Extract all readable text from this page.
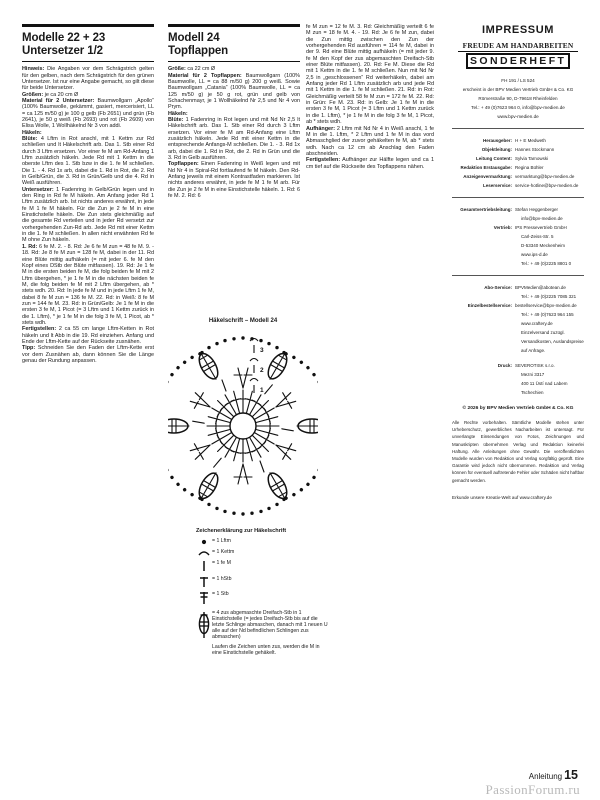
Modelle 22 + 23
Untersetzer 1/2

Hinweis: Die Angaben vor dem Schrägstrich gelten für den gelben, nach dem Schrägstrich für den grünen Untersetzer. Ist nur eine Angabe gemacht, so gilt diese für beide Untersetzer.

Größen: je ca 20 cm Ø

Material für 2 Untersetzer: Baumwollgarn „Apollo“ (100% Baumwolle, gekämmt, gasiert, mercerisiert, LL = ca 125 m/50 g) je 100 g gelb (Fb 2651) und grün (Fb 2641), je 50 g weiß (Fb 2693) und rot (Fb 2609) von Elisa Wolle, 1 Wollhäkelnd Nr 3 von addi.

Häkeln:

Blüte: 4 Lftm in Rot anschl, mit 1 Kettm zur Rd schließen und lt Häkelschrift arb. Das 1. Stb einer Rd durch 3 Lftm ersetzen. Vor einer fe M am Rd-Anfang 1 Lftm zusätzlich häkeln. Jede Rd mit 1 Kettm in die oberste Lftm des 1. Stb bzw in die 1. fe M schließen. Die 1. - 4. Rd 1x arb, dabei die 1. Rd in Rot, die 2. Rd in Gelb/Grün, die 3. Rd in Grün/Gelb und die 4. Rd in Weiß ausführen.

Untersetzer: 1 Fadenring in Gelb/Grün legen und in den Ring in Rd fe M häkeln. Am Anfang jeder Rd 1 Lftm zusätzlich arb. Ist nichts anderes erwähnt, in jede fe M 1 fe M häkeln. Für die Zun je 2 fe M in eine Einstichstelle häkeln. Die Zun stets gleichmäßig auf die gesamte Rd verteilen und in jeder Rd versetzt zur vorhergehenden Zun-Rd arb. Jede Rd mit einer Kettm in die 1. fe M schließen. In allen nicht erwähnten Rd fe M ohne Zun häkeln.

1. Rd: 6 fe M. 2. - 8. Rd: Je 6 fe M zun = 48 fe M. 9. - 18. Rd: Je 8 fe M zun = 128 fe M, dabei in der 11. Rd eine Blüte mittig aufhäkeln (= mit jeder 6. fe M den Kopf eines DStb der Blüte mitfassen). 19. Rd: Je 1 fe M in die ersten beiden fe M, die folg beiden fe M mit 2 Lftm übergehen, * je 1 fe M in die nächsten beiden fe M, die folg beiden fe M mit 2 Lftm übergehen, ab * stets wdh. 20. Rd: In jede fe M und in jede Lftm 1 fe M, dabei 8 fe M zun = 136 fe M. 22. Rd: in Weiß: 8 fe M zun = 144 fe M. 23. Rd: in Grün/Gelb: Je 1 fe M in die ersten 3 fe M, 1 Picot (= 3 Lftm und 1 Kettm zurück in die 1. Lftm), * je 1 fe M in die folg 3 fe M, 1 Picot, ab * stets wdh.

Fertigstellen: 2 ca 55 cm lange Lftm-Ketten in Rot häkeln und lt Abb in die 19. Rd einziehen. Anfang und Ende der Lftm-Kette auf der Rückseite zusnähen.

Tipp: Schneiden Sie den Faden der Lftm-Kette erst vor dem Zusnähen ab, dann können Sie die Länge genau der Rundung anpassen.

Modell 24
Topflappen

Größe: ca 22 cm Ø

Material für 2 Topflappen: Baumwollgarn (100% Baumwolle, LL = ca 88 m/50 g) 200 g weiß. Sowie Baumwollgarn „Catania“ (100% Baumwolle, LL = ca 125 m/50 g) je 50 g rot, grün und gelb von Schachenmayr, je 1 Wollhäkelnd Nr 2,5 und Nr 4 von Prym.

Häkeln:

Blüte: 1 Fadenring in Rot legen und mit Nd Nr 2,5 lt Häkelschrift arb. Das 1. Stb einer Rd durch 3 Lftm ersetzen. Vor einer fe M am Rd-Anfang eine Lftm zusätzlich häkeln. Jede Rd mit einer Kettm in die entsprechende Anfangs-M schließen. Die 1. - 3. Rd 1x arb, dabei die 1. Rd in Rot, die 2. Rd in Grün und die 3. Rd in Gelb ausführen.

Topflappen: Einen Fadenring in Weiß legen und mit Nd Nr 4 in Spiral-Rd fortlaufend fe M häkeln. Den Rd-Anfang jeweils mit einem Kontrastfaden markieren. Ist nichts anderes erwähnt, in jede fe M 1 fe M arb. Für die Zun je 2 fe M in eine Einstichstelle häkeln. 1. Rd: 6 fe M. 2. Rd: 6

Häkelschrift – Modell 24
1
2
3
Zeichenerklärung zur Häkelschrift
= 1 Lftm
= 1 Kettm
= 1 fe M
= 1 hStb
= 1 Stb
= 4 zus abgemaschte Dreifach-Stb in 1 Einstichstelle (= jedes Dreifach-Stb bis auf die letzte Schlinge abmaschen, danach mit 1 neuen U alle auf der Nd befindlichen Schlingen zus abmaschen)
Laufen die Zeichen unten zus, werden die M in eine Einstichstelle gehäkelt.

fe M zun = 12 fe M. 3. Rd: Gleichmäßig verteilt 6 fe M zun = 18 fe M. 4. - 19. Rd: Je 6 fe M zun, dabei die Zun mittig zwischen den Zun der vorhergehenden Rd ausführen = 114 fe M, dabei in der 9. Rd eine Blüte mittig aufhäkeln (= mit jeder 9. fe M den Kopf der zus abgemaschten Dreifach-Stb einer Blüte mitfassen). 20. Rd: Fe M. Diese die Rd mit 1 Kettm in die 1. fe M schließen. Nun mit Nd Nr 2,5 in „geschlossenen“ Rd weiterhäkeln, dabei am Anfang jeder Rd 1 Lftm zusätzlich arb und jede Rd mit 1 Kettm in die 1. fe M schließen. 21. Rd: in Rot: Gleichmäßig verteilt 58 fe M zun = 172 fe M. 22. Rd: in Grün: Fe M. 23. Rd: in Gelb: Je 1 fe M in die ersten 3 fe M, 1 Picot (= 3 Lftm und 1 Kettm zurück in die 1. Lftm), * je 1 fe M in die folg 3 fe M, 1 Picot, ab * stets wdh.

Aufhänger: 2 Lftm mit Nd Nr 4 in Weiß anschl, 1 fe M in die 1. Lftm, * 2 Lftm und 1 fe M in das vord Abmaschglied der zuvor gehäkelten fe M, ab * stets wdh. Nach ca 12 cm ab Anschlag den Faden abschneiden.

Fertigstellen: Aufhänger zur Hälfte legen und ca 1 cm tief auf die Rückseite des Topflappens nähen.

IMPRESSUM
FREUDE AM HANDARBEITEN
SONDERHEFT

FH 191 / LS 524

erscheint in der BPV Medien Vertrieb GmbH & Co. KG

Römerstraße 90, D-79618 Rheinfelden

Tel.: + 49 (0)7623 964 0, info@bpv-medien.de

www.bpv-medien.de

Herausgeber: H + E Medweth
Objektleitung: Hannes Stockmann
Leitung Content: Sylvia Tarnowski
Redaktion Erstausgabe: Regina Bühler
Anzeigenvermarktung: vermarktung@bpv-medien.de
Leserservice: service-hotline@bpv-medien.de
Gesamtvertriebsleitung: Stefan Heggenberger
info@bpv-medien.de
Vertrieb: IPS Pressevertrieb GmbH
Carl-Zeiss-Str. 5
D-53340 Meckenheim
www.ips-d.de
Tel.: + 49 (0)2225 8801 0
Abo-Service: BPVMedien@abotean.de
Tel.: + 49 (0)2225 7085 321
Einzelbestellservice: bestellservice@bpv-medien.de
Tel.: + 49 (0)7623 964 155
www.craftery.de
Einzelversand zuzügl.
Versandkosten, Auslandspreise
auf Anfrage.
Druck: SEVEROTISK s.r.o.
Mezni 3317
400 11 Üstí nad Labem
Tschechien
© 2026 by BPV Medien Vertrieb GmbH & Co. KG

Alle Rechte vorbehalten. Sämtliche Modelle stehen unter Urheberschutz, gewerbliches Nacharbeiten ist untersagt. Für unverlangte Einsendungen von Fotos, Zeichnungen und Manuskripten übernehmen Verlag und Redaktion keinerlei Haftung. Alle Anleitungen ohne Gewähr. Die veröffentlichten Modelle wurden von Redaktion und Verlag sorgfältig geprüft. Eine Garantie wird jedoch nicht übernommen. Redaktion und Verlag können für eventuell auftretende Fehler oder Schäden nicht haftbar gemacht werden.

Erkunde unsere Kreativ-Welt auf www.craftery.de
Anleitung 15
PassionForum.ru
